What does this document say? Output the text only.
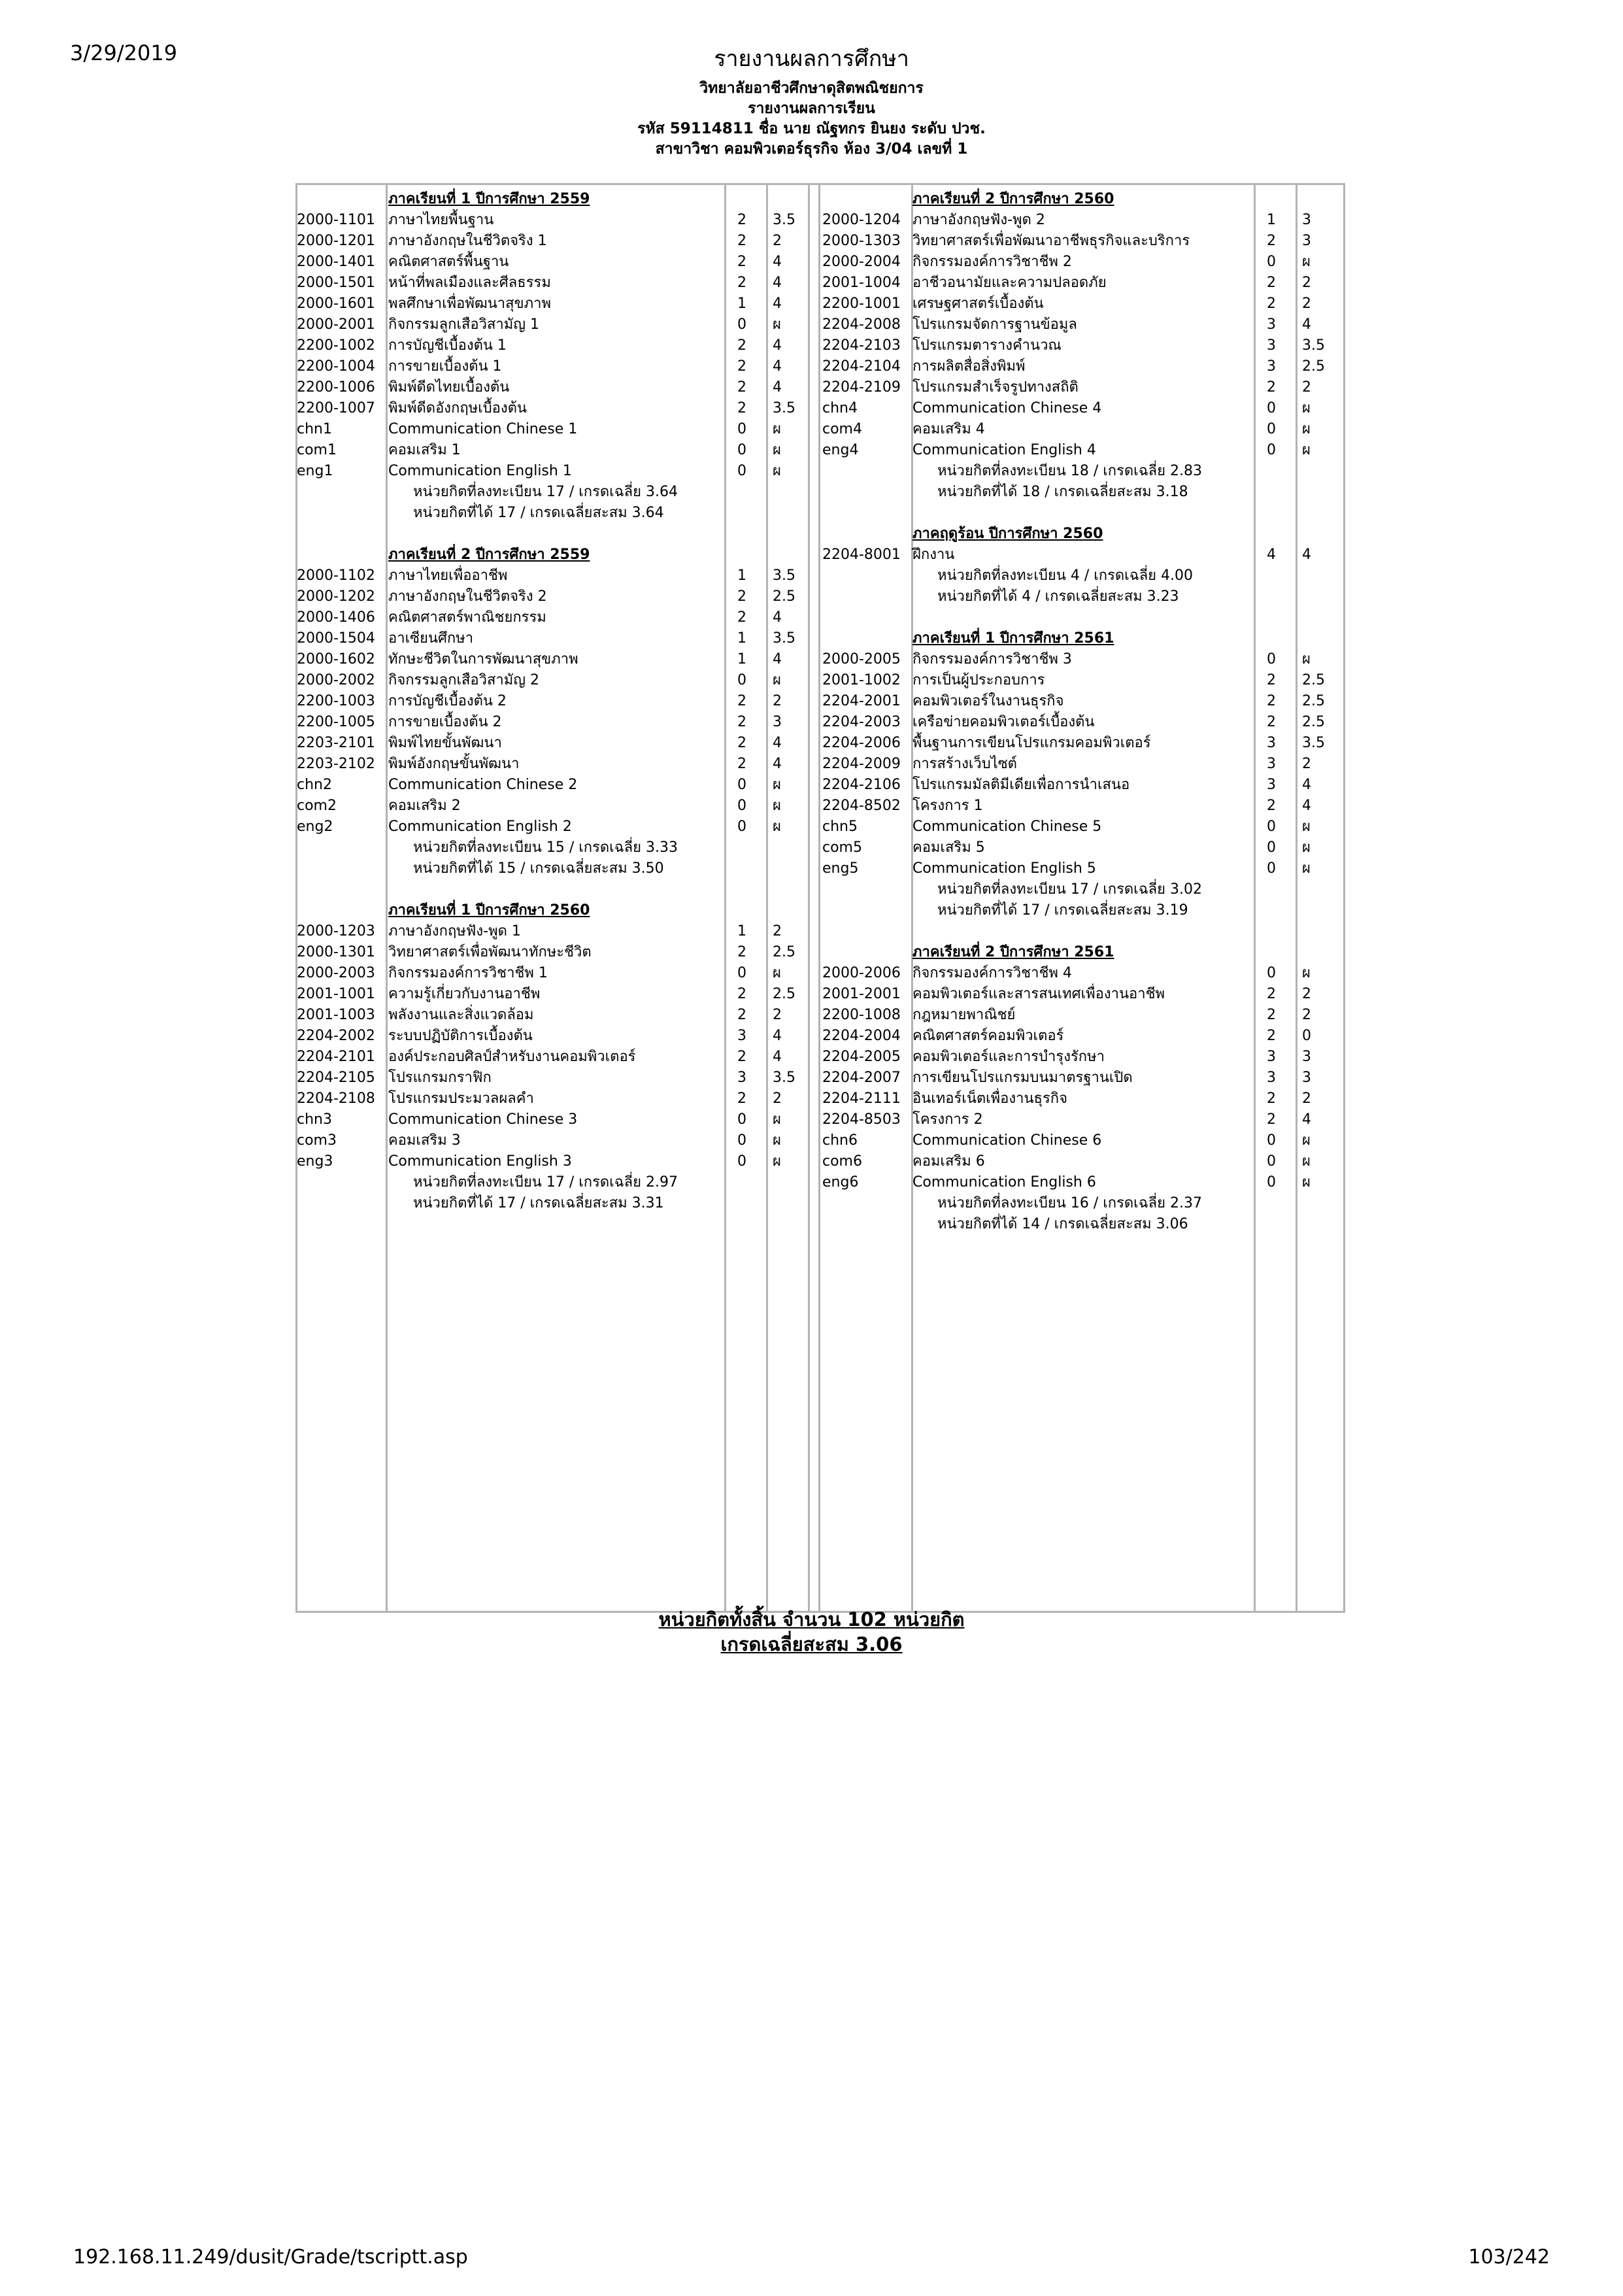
3/29/2019	รายงานผลการศึกษา
วิทยาลัยอาชีวศึกษาดุสิตพณิชยการ
รายงานผลการเรียน
รหัส 59114811 ชื่อ นาย ณัฐทกร ยินยง ระดับ ปวช.
สาขาวิชา คอมพิวเตอร์ธุรกิจ ห้อง 3/04 เลขที่ 1
ภาคเรียนที่ 1 ปีการศึกษา 2559
2000-1101 ภาษาไทยพื้นฐาน	2 3.5
2000-1201 ภาษาอังกฤษในชีวิตจริง 1	2 2
2000-1401 คณิตศาสตร์พื้นฐาน	2 4
2000-1501 หน้าที่พลเมืองและศีลธรรม	2 4
2000-1601 พลศึกษาเพื่อพัฒนาสุขภาพ	1 4
2000-2001 กิจกรรมลูกเสือวิสามัญ 1	0 ผ
2200-1002 การบัญชีเบื้องต้น 1	2 4
2200-1004 การขายเบื้องต้น 1	2 4
2200-1006 พิมพ์ดีดไทยเบื้องต้น	2 4
2200-1007 พิมพ์ดีดอังกฤษเบื้องต้น	2 3.5
chn1	Communication Chinese 1	0 ผ
com1	คอมเสริม 1	0 ผ
eng1	Communication English 1	0 ผ
หน่วยกิตที่ลงทะเบียน 17 / เกรดเฉลี่ย 3.64
หน่วยกิตที่ได้ 17 / เกรดเฉลี่ยสะสม 3.64
ภาคเรียนที่ 2 ปีการศึกษา 2559
2000-1102 ภาษาไทยเพื่ออาชีพ	1 3.5
2000-1202 ภาษาอังกฤษในชีวิตจริง 2	2 2.5
2000-1406 คณิตศาสตร์พาณิชยกรรม	2 4
2000-1504 อาเซียนศึกษา	1 3.5
2000-1602 ทักษะชีวิตในการพัฒนาสุขภาพ	1 4
2000-2002 กิจกรรมลูกเสือวิสามัญ 2	0 ผ
2200-1003 การบัญชีเบื้องต้น 2	2 2
2200-1005 การขายเบื้องต้น 2	2 3
2203-2101 พิมพ์ไทยขั้นพัฒนา	2 4
2203-2102 พิมพ์อังกฤษขั้นพัฒนา	2 4
chn2	Communication Chinese 2	0 ผ
com2	คอมเสริม 2	0 ผ
eng2	Communication English 2	0 ผ
หน่วยกิตที่ลงทะเบียน 15 / เกรดเฉลี่ย 3.33
หน่วยกิตที่ได้ 15 / เกรดเฉลี่ยสะสม 3.50
ภาคเรียนที่ 1 ปีการศึกษา 2560
2000-1203 ภาษาอังกฤษฟัง-พูด 1	1 2
2000-1301 วิทยาศาสตร์เพื่อพัฒนาทักษะชีวิต	2 2.5
2000-2003 กิจกรรมองค์การวิชาชีพ 1	0 ผ
2001-1001 ความรู้เกี่ยวกับงานอาชีพ	2 2.5
2001-1003 พลังงานและสิ่งแวดล้อม	2 2
2204-2002 ระบบปฏิบัติการเบื้องต้น	3 4
2204-2101 องค์ประกอบศิลป์สำหรับงานคอมพิวเตอร์	2 4
2204-2105 โปรแกรมกราฟิก	3 3.5
2204-2108 โปรแกรมประมวลผลคำ	2 2
chn3	Communication Chinese 3	0 ผ
com3	คอมเสริม 3	0 ผ
eng3	Communication English 3	0 ผ
หน่วยกิตที่ลงทะเบียน 17 / เกรดเฉลี่ย 2.97
หน่วยกิตที่ได้ 17 / เกรดเฉลี่ยสะสม 3.31
ภาคเรียนที่ 2 ปีการศึกษา 2560
2000-1204 ภาษาอังกฤษฟัง-พูด 2	1 3
2000-1303 วิทยาศาสตร์เพื่อพัฒนาอาชีพธุรกิจและบริการ	2 3
2000-2004 กิจกรรมองค์การวิชาชีพ 2	0 ผ
2001-1004 อาชีวอนามัยและความปลอดภัย	2 2
2200-1001 เศรษฐศาสตร์เบื้องต้น	2 2
2204-2008 โปรแกรมจัดการฐานข้อมูล	3 4
2204-2103 โปรแกรมตารางคำนวณ	3 3.5
2204-2104 การผลิตสื่อสิ่งพิมพ์	3 2.5
2204-2109 โปรแกรมสำเร็จรูปทางสถิติ	2 2
chn4	Communication Chinese 4	0 ผ
com4	คอมเสริม 4	0 ผ
eng4	Communication English 4	0 ผ
หน่วยกิตที่ลงทะเบียน 18 / เกรดเฉลี่ย 2.83
หน่วยกิตที่ได้ 18 / เกรดเฉลี่ยสะสม 3.18
ภาคฤดูร้อน ปีการศึกษา 2560
2204-8001 ฝึกงาน	4 4
หน่วยกิตที่ลงทะเบียน 4 / เกรดเฉลี่ย 4.00
หน่วยกิตที่ได้ 4 / เกรดเฉลี่ยสะสม 3.23
ภาคเรียนที่ 1 ปีการศึกษา 2561
2000-2005 กิจกรรมองค์การวิชาชีพ 3	0 ผ
2001-1002 การเป็นผู้ประกอบการ	2 2.5
2204-2001 คอมพิวเตอร์ในงานธุรกิจ	2 2.5
2204-2003 เครือข่ายคอมพิวเตอร์เบื้องต้น	2 2.5
2204-2006 พื้นฐานการเขียนโปรแกรมคอมพิวเตอร์	3 3.5
2204-2009 การสร้างเว็บไซต์	3 2
2204-2106 โปรแกรมมัลติมีเดียเพื่อการนำเสนอ	3 4
2204-8502 โครงการ 1	2 4
chn5	Communication Chinese 5	0 ผ
com5	คอมเสริม 5	0 ผ
eng5	Communication English 5	0 ผ
หน่วยกิตที่ลงทะเบียน 17 / เกรดเฉลี่ย 3.02
หน่วยกิตที่ได้ 17 / เกรดเฉลี่ยสะสม 3.19
ภาคเรียนที่ 2 ปีการศึกษา 2561
2000-2006 กิจกรรมองค์การวิชาชีพ 4	0 ผ
2001-2001 คอมพิวเตอร์และสารสนเทศเพื่องานอาชีพ	2 2
2200-1008 กฎหมายพาณิชย์	2 2
2204-2004 คณิตศาสตร์คอมพิวเตอร์	2 0
2204-2005 คอมพิวเตอร์และการบำรุงรักษา	3 3
2204-2007 การเขียนโปรแกรมบนมาตรฐานเปิด	3 3
2204-2111 อินเทอร์เน็ตเพื่องานธุรกิจ	2 2
2204-8503 โครงการ 2	2 4
chn6	Communication Chinese 6	0 ผ
com6	คอมเสริม 6	0 ผ
eng6	Communication English 6	0 ผ
หน่วยกิตที่ลงทะเบียน 16 / เกรดเฉลี่ย 2.37
หน่วยกิตที่ได้ 14 / เกรดเฉลี่ยสะสม 3.06
หน่วยกิตทั้งสิ้น จำนวน 102 หน่วยกิต
เกรดเฉลี่ยสะสม 3.06
192.168.11.249/dusit/Grade/tscriptt.asp	103/242
